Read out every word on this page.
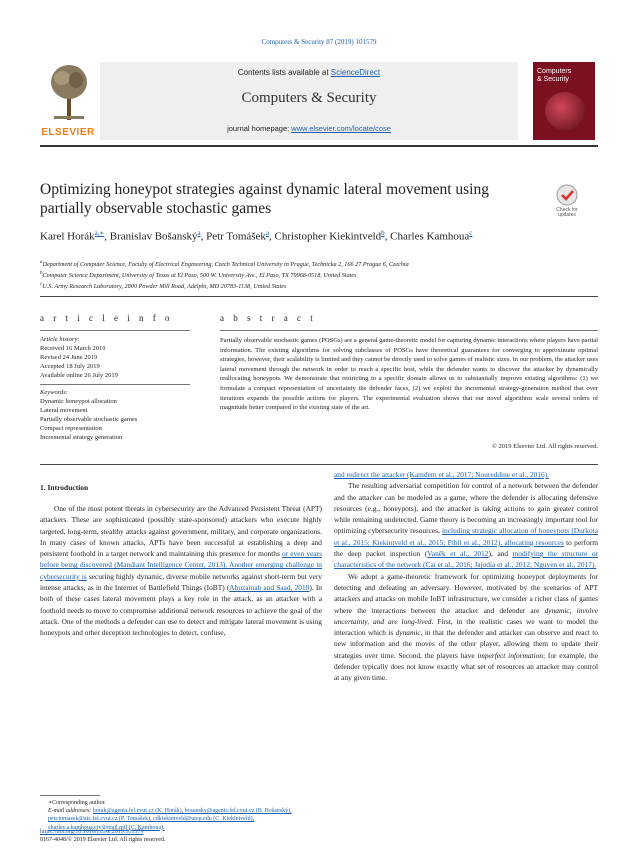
Computers & Security 87 (2019) 101579
ELSEVIER
Contents lists available at ScienceDirect
Computers & Security
journal homepage: www.elsevier.com/locate/cose
Computers
& Security
Optimizing honeypot strategies against dynamic lateral movement using partially observable stochastic games	Check for
updates
Karel Horák$^{a,∗}$, Branislav Bošanský$^a$, Petr Tomášek$^a$, Christopher Kiekintveld$^b$, Charles Kamhoua$^c$
$^a$Department of Computer Science, Faculty of Electrical Engineering, Czech Technical University in Prague, Technicka 2, 166 27 Prague 6, Czechia
$^b$Computer Science Department, University of Texas at El Paso, 500 W. University Ave., El Paso, TX 79968-0518, United States
$^c$U.S. Army Research Laboratory, 2800 Powder Mill Road, Adelphi, MD 20783-1138, United States
a r t i c l e i n f o	a b s t r a c t
Article history:
Received 16 March 2019
Revised 24 June 2019
Accepted 18 July 2019
Available online 26 July 2019
Keywords:
Dynamic honeypot allocation
Lateral movement
Partially observable stochastic games
Compact representation
Incremental strategy generation
Partially observable stochastic games (POSGs) are a general game-theoretic model for capturing dynamic interactions where players have partial information. The existing algorithms for solving subclasses of POSGs have theoretical guarantees for converging to approximate optimal strategies, however, their scalability is limited and they cannot be directly used to solve games of realistic sizes. In our problem, the attacker uses lateral movement through the network in order to reach a specific host, while the defender wants to discover the attacker by dynamically reallocating honeypots. We demonstrate that restricting to a specific domain allows us to substantially improve existing algorithms: (1) we formulate a compact representation of uncertainty the defender faces, (2) we exploit the incremental strategy-generation method that over iterations expands the possible actions for players. The experimental evaluation shows that our novel algorithms scale several orders of magnitude better compared to the existing state of the art.
© 2019 Elsevier Ltd. All rights reserved.
1. Introduction

One of the most potent threats in cybersecurity are the Advanced Persistent Threat (APT) attackers. These are sophisticated (possibly state-sponsored) attackers who execute highly targeted, long-term, stealthy attacks against government, military, and corporate organizations. In many cases of known attacks, APTs have been successful at establishing a deep and persistent foothold in a target network and maintaining this presence for months or even years before being discovered (Mandiant Intelligence Center, 2013). Another emerging challenge in cybersecurity is securing highly dynamic, diverse mobile networks against short-term but very intense attacks, as in the Internet of Battlefield Things (IoBT) (Abuzainab and Saad, 2018). In both of these cases lateral movement plays a key role in the attack, as an attacker with a foothold needs to move to compromise additional network resources to achieve the goal of the attack. One of the methods a defender can use to detect and mitigate lateral movement is using honeypots and other deception technologies to detect, confuse,

and redirect the attacker (Kamdem et al., 2017; Noureddine et al., 2016).

The resulting adversarial competition for control of a network between the defender and the attacker can be modeled as a game, where the defender is allocating defensive resources (e.g., honeypots), and the attacker is taking actions to gain greater control while remaining undetected. Game theory is becoming an increasingly important tool for optimizing cybersecurity resources, including strategic allocation of honeypots (Durkota et al., 2015; Kiekintveld et al., 2015; Píbil et al., 2012), allocating resources to perform the deep packet inspection (Vaněk et al., 2012), and modifying the structure or characteristics of the network (Cai et al., 2016; Jajodia et al., 2012; Nguyen et al., 2017).

We adopt a game-theoretic framework for optimizing honeypot deployments for detecting and defeating an adversary. However, motivated by the scenarios of APT attackers and attacks on mobile IoBT infrastructure, we consider a richer class of games where the interactions between the attacker and defender are dynamic, involve uncertainty, and are long-lived. First, in the realistic cases we want to model the interaction which is dynamic, in that the defender and attacker can observe and react to new information and the moves of the other player, allowing them to update their strategies over time. Second, the players have imperfect information; for example, the defender typically does not know exactly what set of resources an attacker may control at any given time.

∗Corresponding author.
E-mail addresses: horak@agents.fel.cvut.cz (K. Horák), bosansky@agents.fel.cvut.cz (B. Bošanský), petr.tomasek@aic.fel.cvut.cz (P. Tomášek), cdkiekintveld@utep.edu (C. Kiekintveld), charles.a.kamhoua.civ@mail.mil (C. Kamhoua).
https://doi.org/10.1016/j.cose.2019.101579
0167-4048/© 2019 Elsevier Ltd. All rights reserved.
